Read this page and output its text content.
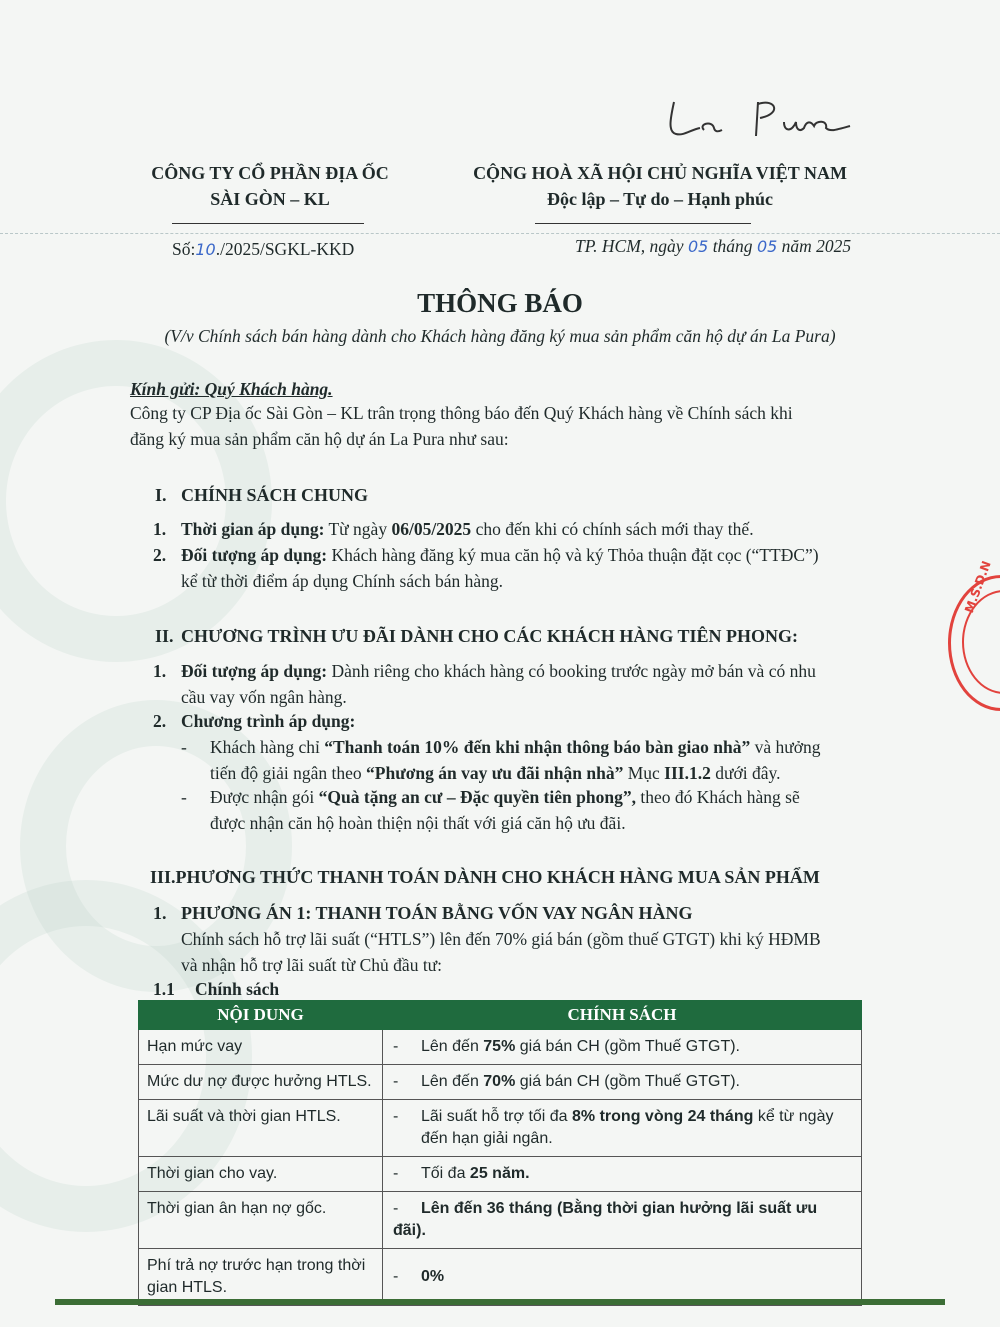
La Pura
CÔNG TY CỔ PHẦN ĐỊA ỐC
SÀI GÒN – KL
CỘNG HOÀ XÃ HỘI CHỦ NGHĨA VIỆT NAM
Độc lập – Tự do – Hạnh phúc
Số:10./2025/SGKL-KKD	TP. HCM, ngày 05 tháng 05 năm 2025
THÔNG BÁO
(V/v Chính sách bán hàng dành cho Khách hàng đăng ký mua sản phẩm căn hộ dự án La Pura)
Kính gửi: Quý Khách hàng.
Công ty CP Địa ốc Sài Gòn – KL trân trọng thông báo đến Quý Khách hàng về Chính sách khi
đăng ký mua sản phẩm căn hộ dự án La Pura như sau:
I. CHÍNH SÁCH CHUNG
1. Thời gian áp dụng: Từ ngày 06/05/2025 cho đến khi có chính sách mới thay thế.
2. Đối tượng áp dụng: Khách hàng đăng ký mua căn hộ và ký Thỏa thuận đặt cọc (“TTĐC”)
kể từ thời điểm áp dụng Chính sách bán hàng.
II. CHƯƠNG TRÌNH ƯU ĐÃI DÀNH CHO CÁC KHÁCH HÀNG TIÊN PHONG:
1. Đối tượng áp dụng: Dành riêng cho khách hàng có booking trước ngày mở bán và có nhu
cầu vay vốn ngân hàng.
2. Chương trình áp dụng:
- Khách hàng chỉ “Thanh toán 10% đến khi nhận thông báo bàn giao nhà” và hưởng
tiến độ giải ngân theo “Phương án vay ưu đãi nhận nhà” Mục III.1.2 dưới đây.
- Được nhận gói “Quà tặng an cư – Đặc quyền tiên phong”, theo đó Khách hàng sẽ
được nhận căn hộ hoàn thiện nội thất với giá căn hộ ưu đãi.
III.PHƯƠNG THỨC THANH TOÁN DÀNH CHO KHÁCH HÀNG MUA SẢN PHẨM
1. PHƯƠNG ÁN 1: THANH TOÁN BẰNG VỐN VAY NGÂN HÀNG
Chính sách hỗ trợ lãi suất (“HTLS”) lên đến 70% giá bán (gồm thuế GTGT) khi ký HĐMB
và nhận hỗ trợ lãi suất từ Chủ đầu tư:
1.1 Chính sách
NỘI DUNG	CHÍNH SÁCH
Hạn mức vay	- Lên đến 75% giá bán CH (gồm Thuế GTGT).
Mức dư nợ được hưởng HTLS.	- Lên đến 70% giá bán CH (gồm Thuế GTGT).
Lãi suất và thời gian HTLS.	- Lãi suất hỗ trợ tối đa 8% trong vòng 24 tháng kể từ ngày
đến hạn giải ngân.
Thời gian cho vay.	- Tối đa 25 năm.
Thời gian ân hạn nợ gốc.	- Lên đến 36 tháng (Bằng thời gian hưởng lãi suất ưu đãi).
Phí trả nợ trước hạn trong thời
gian HTLS.	- 0%
M.S.D.N
